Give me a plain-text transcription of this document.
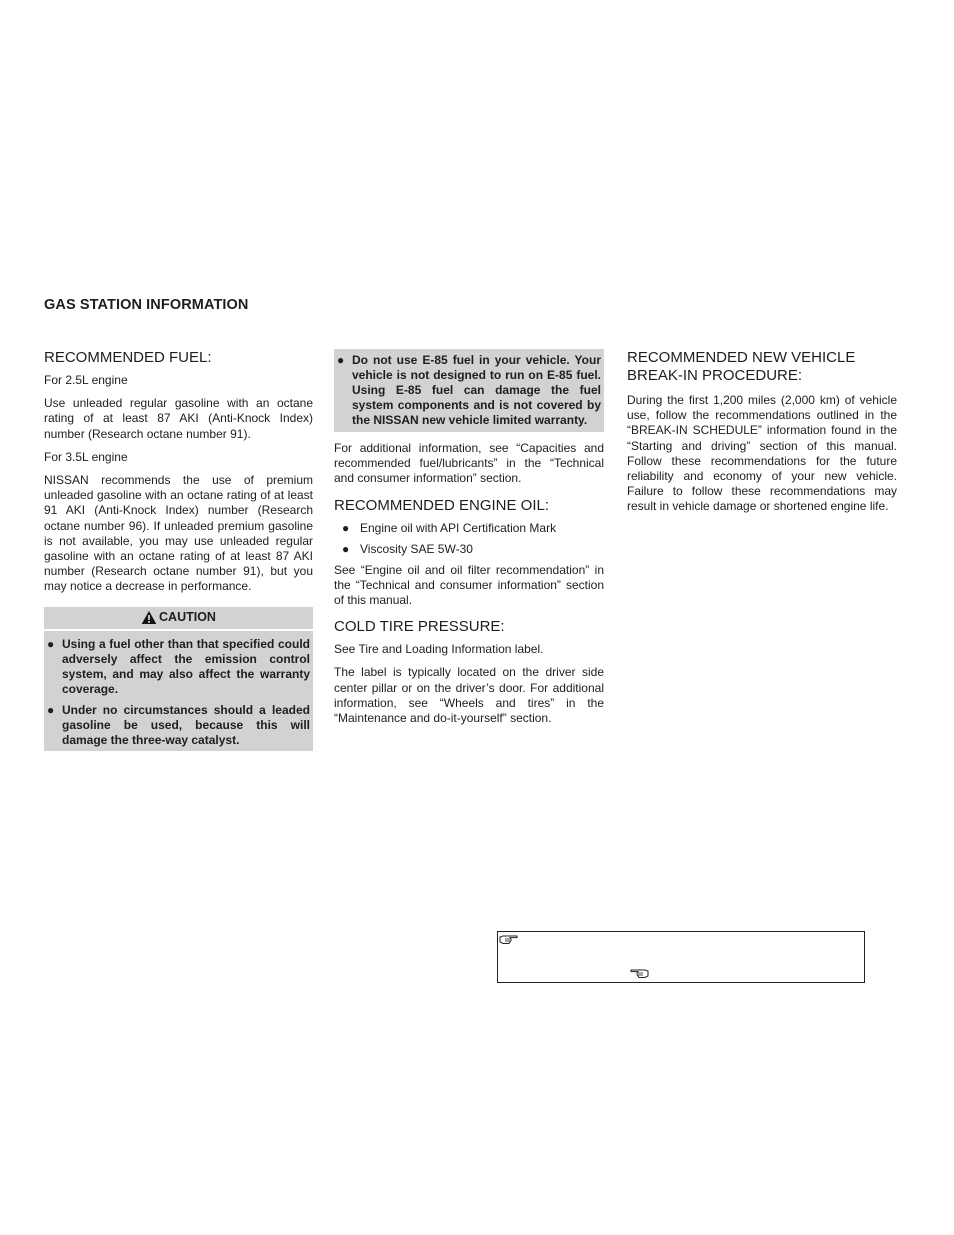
GAS STATION INFORMATION
RECOMMENDED FUEL:
For 2.5L engine
Use unleaded regular gasoline with an octane rating of at least 87 AKI (Anti-Knock Index) number (Research octane number 91).
For 3.5L engine
NISSAN recommends the use of premium unleaded gasoline with an octane rating of at least 91 AKI (Anti-Knock Index) number (Research octane number 96). If unleaded premium gasoline is not available, you may use unleaded regular gasoline with an octane rating of at least 87 AKI number (Research octane number 91), but you may notice a decrease in performance.
CAUTION
● Using a fuel other than that specified could adversely affect the emission control system, and may also affect the warranty coverage.
● Under no circumstances should a leaded gasoline be used, because this will damage the three-way catalyst.
● Do not use E-85 fuel in your vehicle. Your vehicle is not designed to run on E-85 fuel. Using E-85 fuel can damage the fuel system components and is not covered by the NISSAN new vehicle limited warranty.
For additional information, see “Capacities and recommended fuel/lubricants” in the “Technical and consumer information” section.
RECOMMENDED ENGINE OIL:
● Engine oil with API Certification Mark
● Viscosity SAE 5W-30
See “Engine oil and oil filter recommendation” in the “Technical and consumer information” section of this manual.
COLD TIRE PRESSURE:
See Tire and Loading Information label.
The label is typically located on the driver side center pillar or on the driver’s door. For additional information, see “Wheels and tires” in the “Maintenance and do-it-yourself” section.
RECOMMENDED NEW VEHICLE BREAK-IN PROCEDURE:
During the first 1,200 miles (2,000 km) of vehicle use, follow the recommendations outlined in the “BREAK-IN SCHEDULE” information found in the “Starting and driving” section of this manual. Follow these recommendations for the future reliability and economy of your new vehicle. Failure to follow these recommendations may result in vehicle damage or shortened engine life.
